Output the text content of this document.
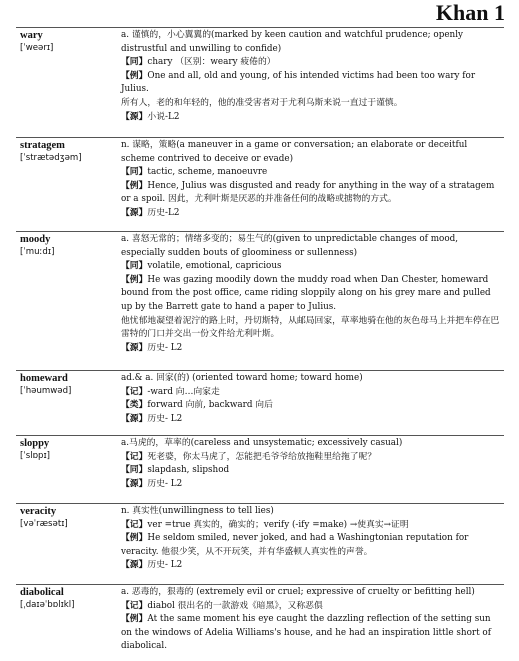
Khan 1
wary
[ˈweərɪ]
a. 谨慎的，小心翼翼的(marked by keen caution and watchful prudence; openly distrustful and unwilling to confide)
【同】chary （区别：weary 疲倦的）
【例】One and all, old and young, of his intended victims had been too wary for Julius.
所有人，老的和年轻的，他的准受害者对于尤利乌斯来说一直过于谨慎。
【源】小说-L2
stratagem
[ˈstrætədʒəm]
n. 谋略，策略(a maneuver in a game or conversation; an elaborate or deceitful scheme contrived to deceive or evade)
【同】tactic, scheme, manoeuvre
【例】Hence, Julius was disgusted and ready for anything in the way of a stratagem or a spoil. 因此，尤利叶斯是厌恶的并准备任何的战略或掳物的方式。
【源】历史-L2
moody
[ˈmuːdɪ]
a. 喜怒无常的；情绪多变的；易生气的(given to unpredictable changes of mood, especially sudden bouts of gloominess or sullenness)
【同】volatile, emotional, capricious
【例】He was gazing moodily down the muddy road when Dan Chester, homeward bound from the post office, came riding sloppily along on his grey mare and pulled up by the Barrett gate to hand a paper to Julius.
他忧郁地凝望着泥泞的路上时，丹切斯特，从邮局回家，草率地骑在他的灰色母马上并把车停在巴雷特的门口并交出一份文件给尤利叶斯。
【源】历史- L2
homeward
[ˈhəumwəd]
ad.& a. 回家(的) (oriented toward home; toward home)
【记】-ward 向…向家走
【类】forward 向前, backward 向后
【源】历史- L2
sloppy
[ˈslɒpɪ]
a.马虎的，草率的(careless and unsystematic; excessively casual)
【记】死老婆，你太马虎了，怎能把毛爷爷给放拖鞋里给拖了呢？
【同】slapdash, slipshod
【源】历史- L2
veracity
[vəˈræsətɪ]
n. 真实性(unwillingness to tell lies)
【记】ver =true 真实的，确实的；verify (-ify =make) →使真实→证明
【例】He seldom smiled, never joked, and had a Washingtonian reputation for veracity. 他很少笑，从不开玩笑，并有华盛顿人真实性的声誉。
【源】历史- L2
diabolical
[ˌdaɪəˈbɒlɪkl]
a. 恶毒的，狠毒的 (extremely evil or cruel; expressive of cruelty or befitting hell)
【记】diabol 很出名的一款游戏《暗黑》，又称恶俱
【例】At the same moment his eye caught the dazzling reflection of the setting sun on the windows of Adelia Williams's house, and he had an inspiration little short of diabolical.
